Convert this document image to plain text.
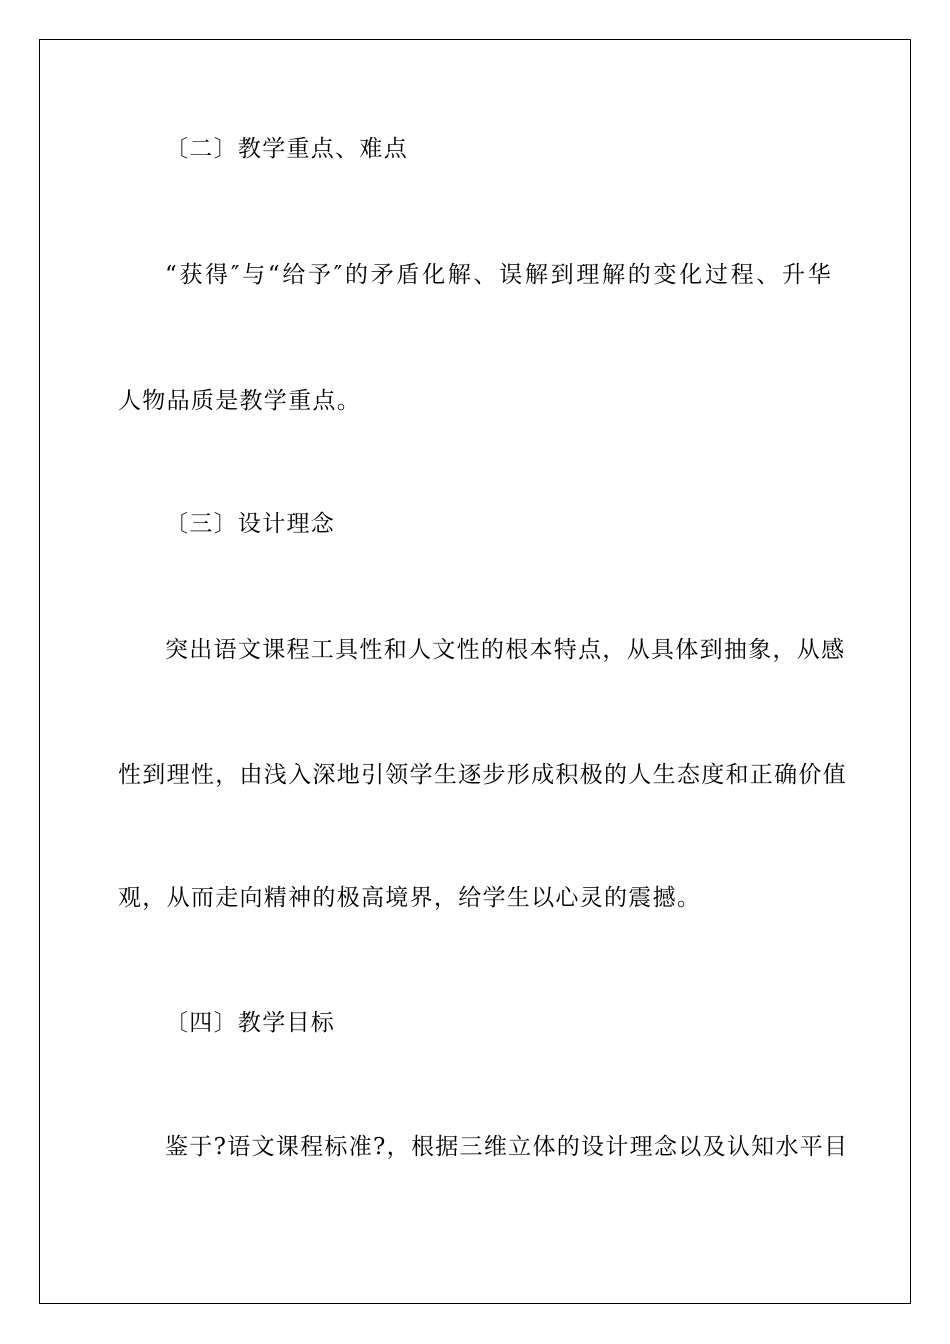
〔二〕教学重点、难点
“获得″与“给予″的矛盾化解、误解到理解的变化过程、升华
人物品质是教学重点。
〔三〕设计理念
突出语文课程工具性和人文性的根本特点，从具体到抽象，从感
性到理性，由浅入深地引领学生逐步形成积极的人生态度和正确价值
观，从而走向精神的极高境界，给学生以心灵的震撼。
〔四〕教学目标
鉴于?语文课程标准?，根据三维立体的设计理念以及认知水平目
